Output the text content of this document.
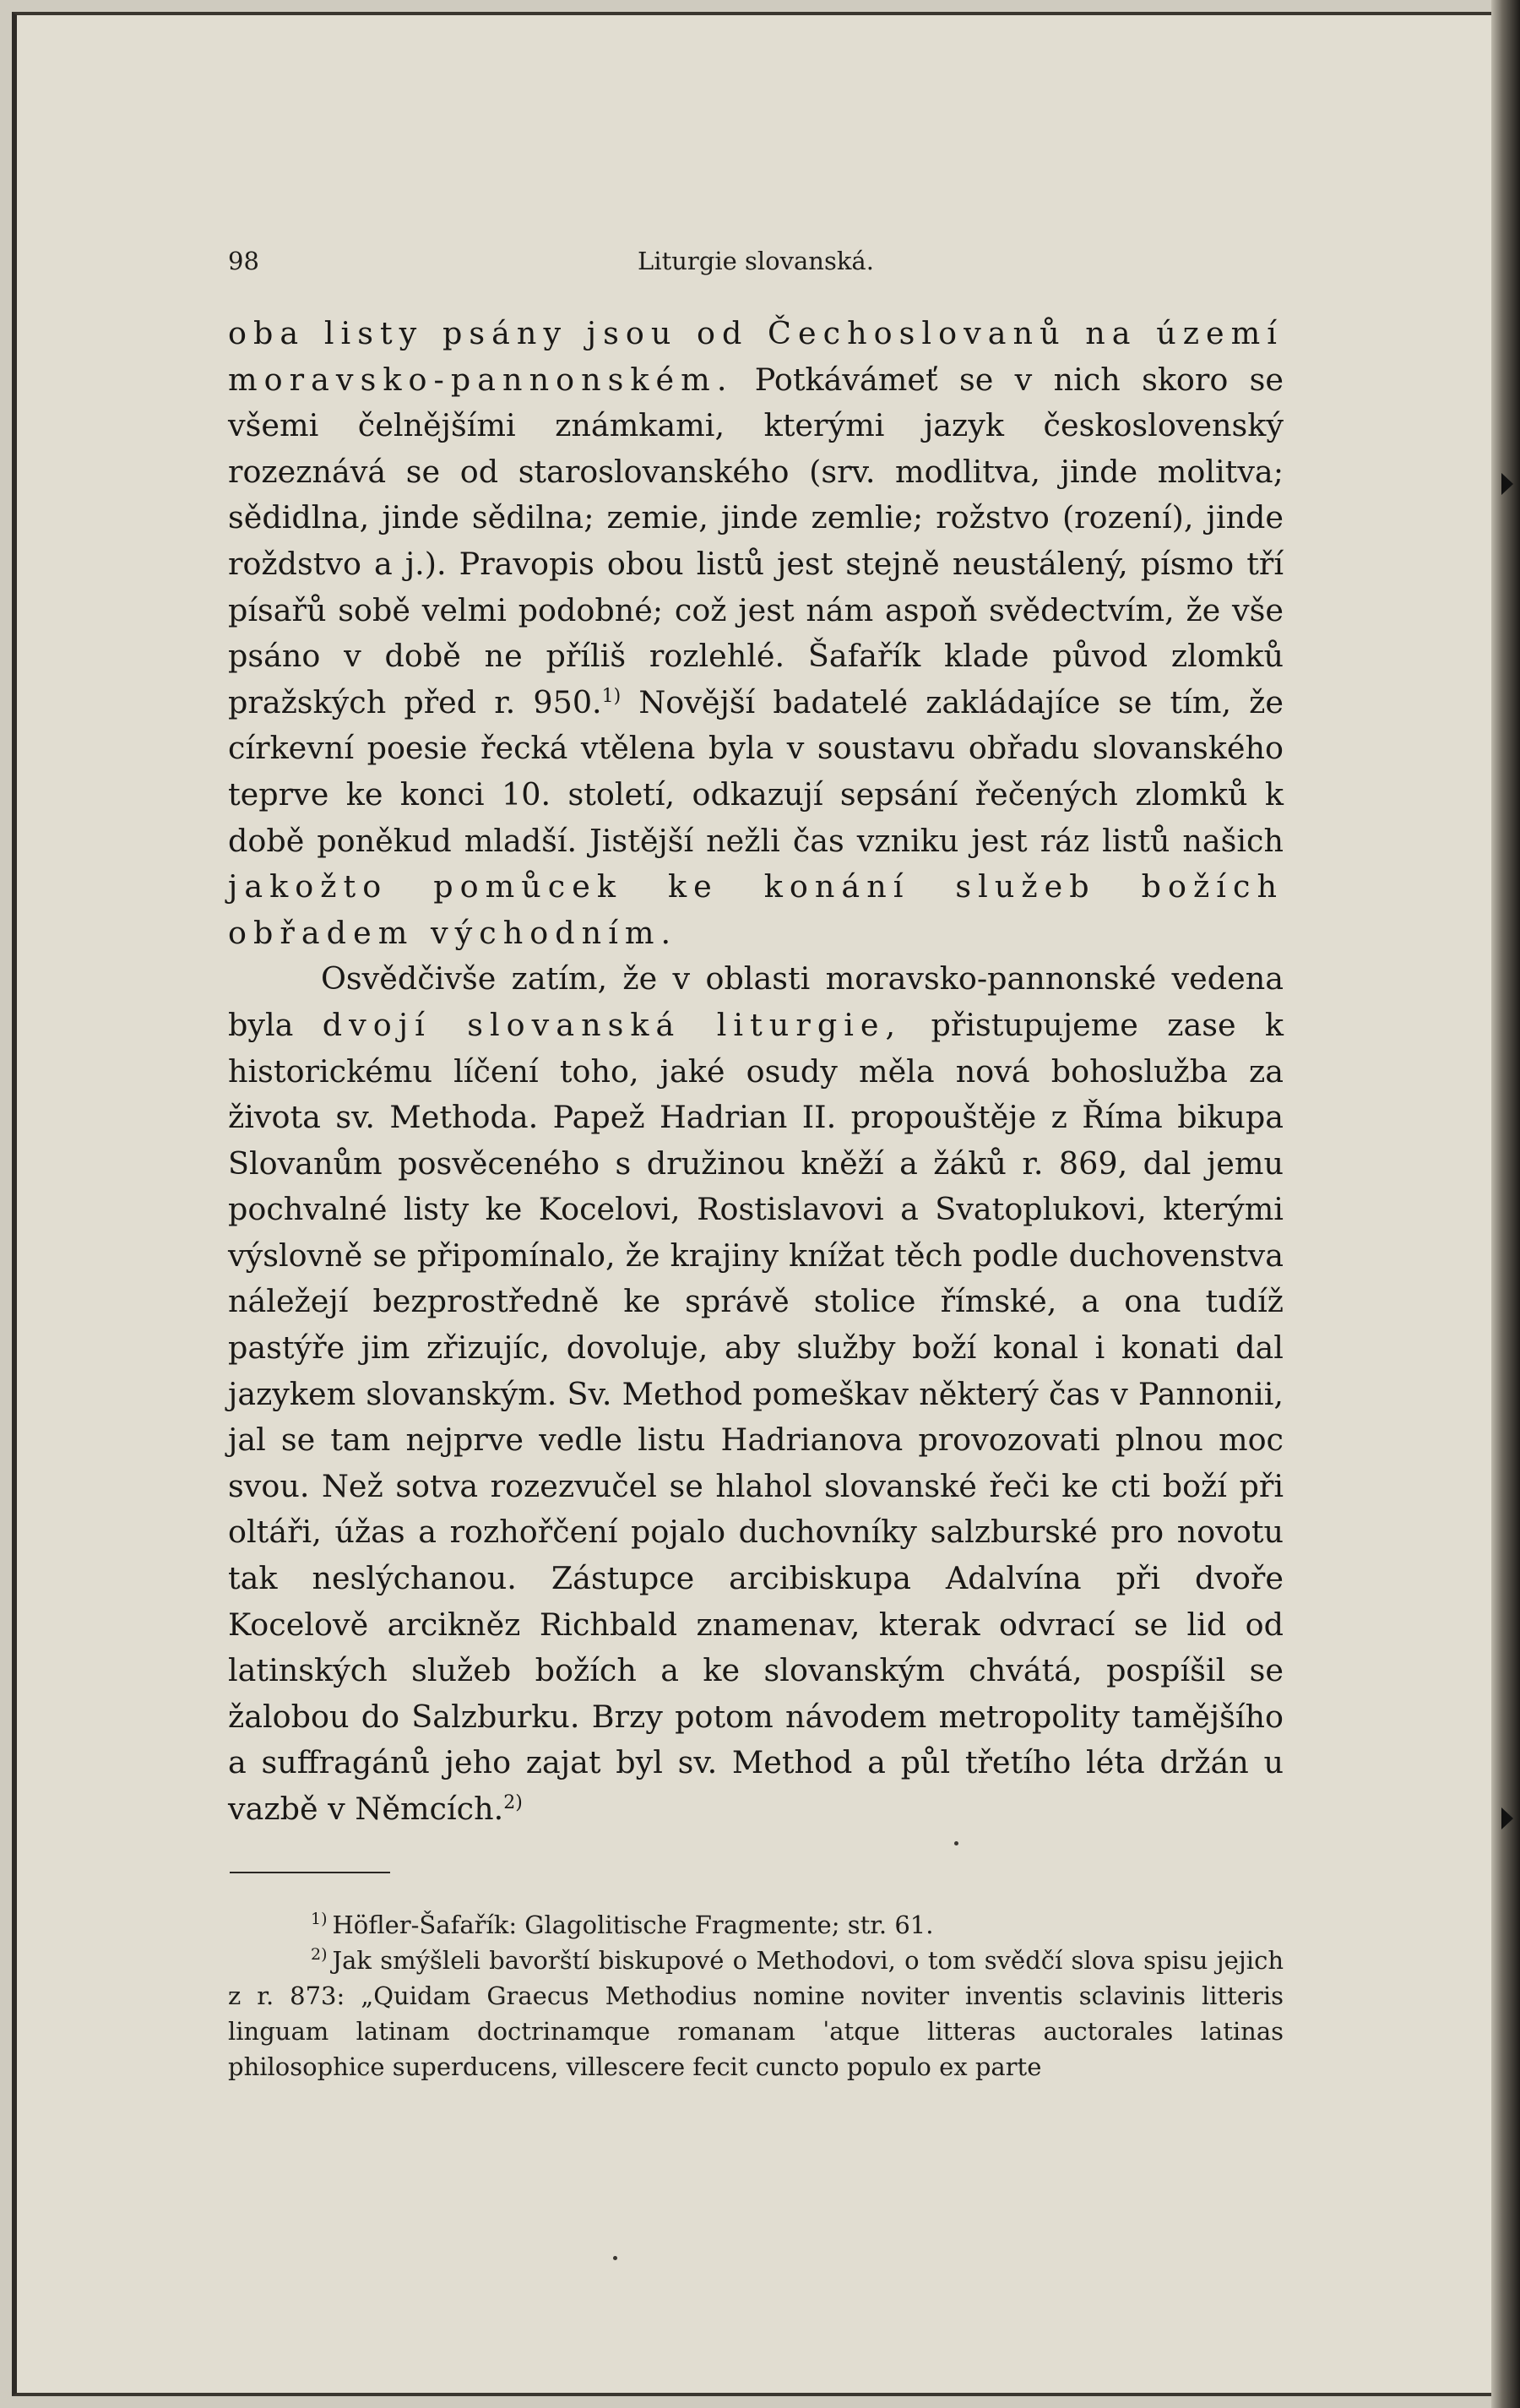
98	Liturgie slovanská.

oba listy psány jsou od Čechoslovanů na území moravsko-pannonském. Potkávámeť se v nich skoro se všemi čelnějšími známkami, kterými jazyk československý rozeznává se od staroslovanského (srv. modlitva, jinde molitva; sědidlna, jinde sědilna; zemie, jinde zemlie; rožstvo (rození), jinde roždstvo a j.). Pravopis obou listů jest stejně neustálený, písmo tří písařů sobě velmi podobné; což jest nám aspoň svědectvím, že vše psáno v době ne příliš rozlehlé. Šafařík klade původ zlomků pražských před r. 950.$^{1)}$ Novější badatelé zakládajíce se tím, že církevní poesie řecká vtělena byla v soustavu obřadu slovanského teprve ke konci 10. století, odkazují sepsání řečených zlomků k době poněkud mladší. Jistější nežli čas vzniku jest ráz listů našich jakožto pomůcek ke konání služeb božích obřadem východním.

Osvědčivše zatím, že v oblasti moravsko-pannonské vedena byla dvojí slovanská liturgie, přistupujeme zase k historickému líčení toho, jaké osudy měla nová bohoslužba za života sv. Methoda. Papež Hadrian II. propouštěje z Říma bikupa Slovanům posvěceného s družinou kněží a žáků r. 869, dal jemu pochvalné listy ke Kocelovi, Rostislavovi a Svatoplukovi, kterými výslovně se připomínalo, že krajiny knížat těch podle duchovenstva náležejí bezprostředně ke správě stolice římské, a ona tudíž pastýře jim zřizujíc, dovoluje, aby služby boží konal i konati dal jazykem slovanským. Sv. Method pomeškav některý čas v Pannonii, jal se tam nejprve vedle listu Hadrianova provozovati plnou moc svou. Než sotva rozezvučel se hlahol slovanské řeči ke cti boží při oltáři, úžas a rozhořčení pojalo duchovníky salzburské pro novotu tak neslýchanou. Zástupce arcibiskupa Adalvína při dvoře Kocelově arcikněz Richbald znamenav, kterak odvrací se lid od latinských služeb božích a ke slovanským chvátá, pospíšil se žalobou do Salzburku. Brzy potom návodem metropolity tamějšího a suffragánů jeho zajat byl sv. Method a půl třetího léta držán u vazbě v Němcích.$^{2)}$

$^{1)}$ Höfler-Šafařík: Glagolitische Fragmente; str. 61.

$^{2)}$ Jak smýšleli bavorští biskupové o Methodovi, o tom svědčí slova spisu jejich z r. 873: „Quidam Graecus Methodius nomine noviter inventis sclavinis litteris linguam latinam doctrinamque romanam ˈatque litteras auctorales latinas philosophice superducens, villescere fecit cuncto populo ex parte
